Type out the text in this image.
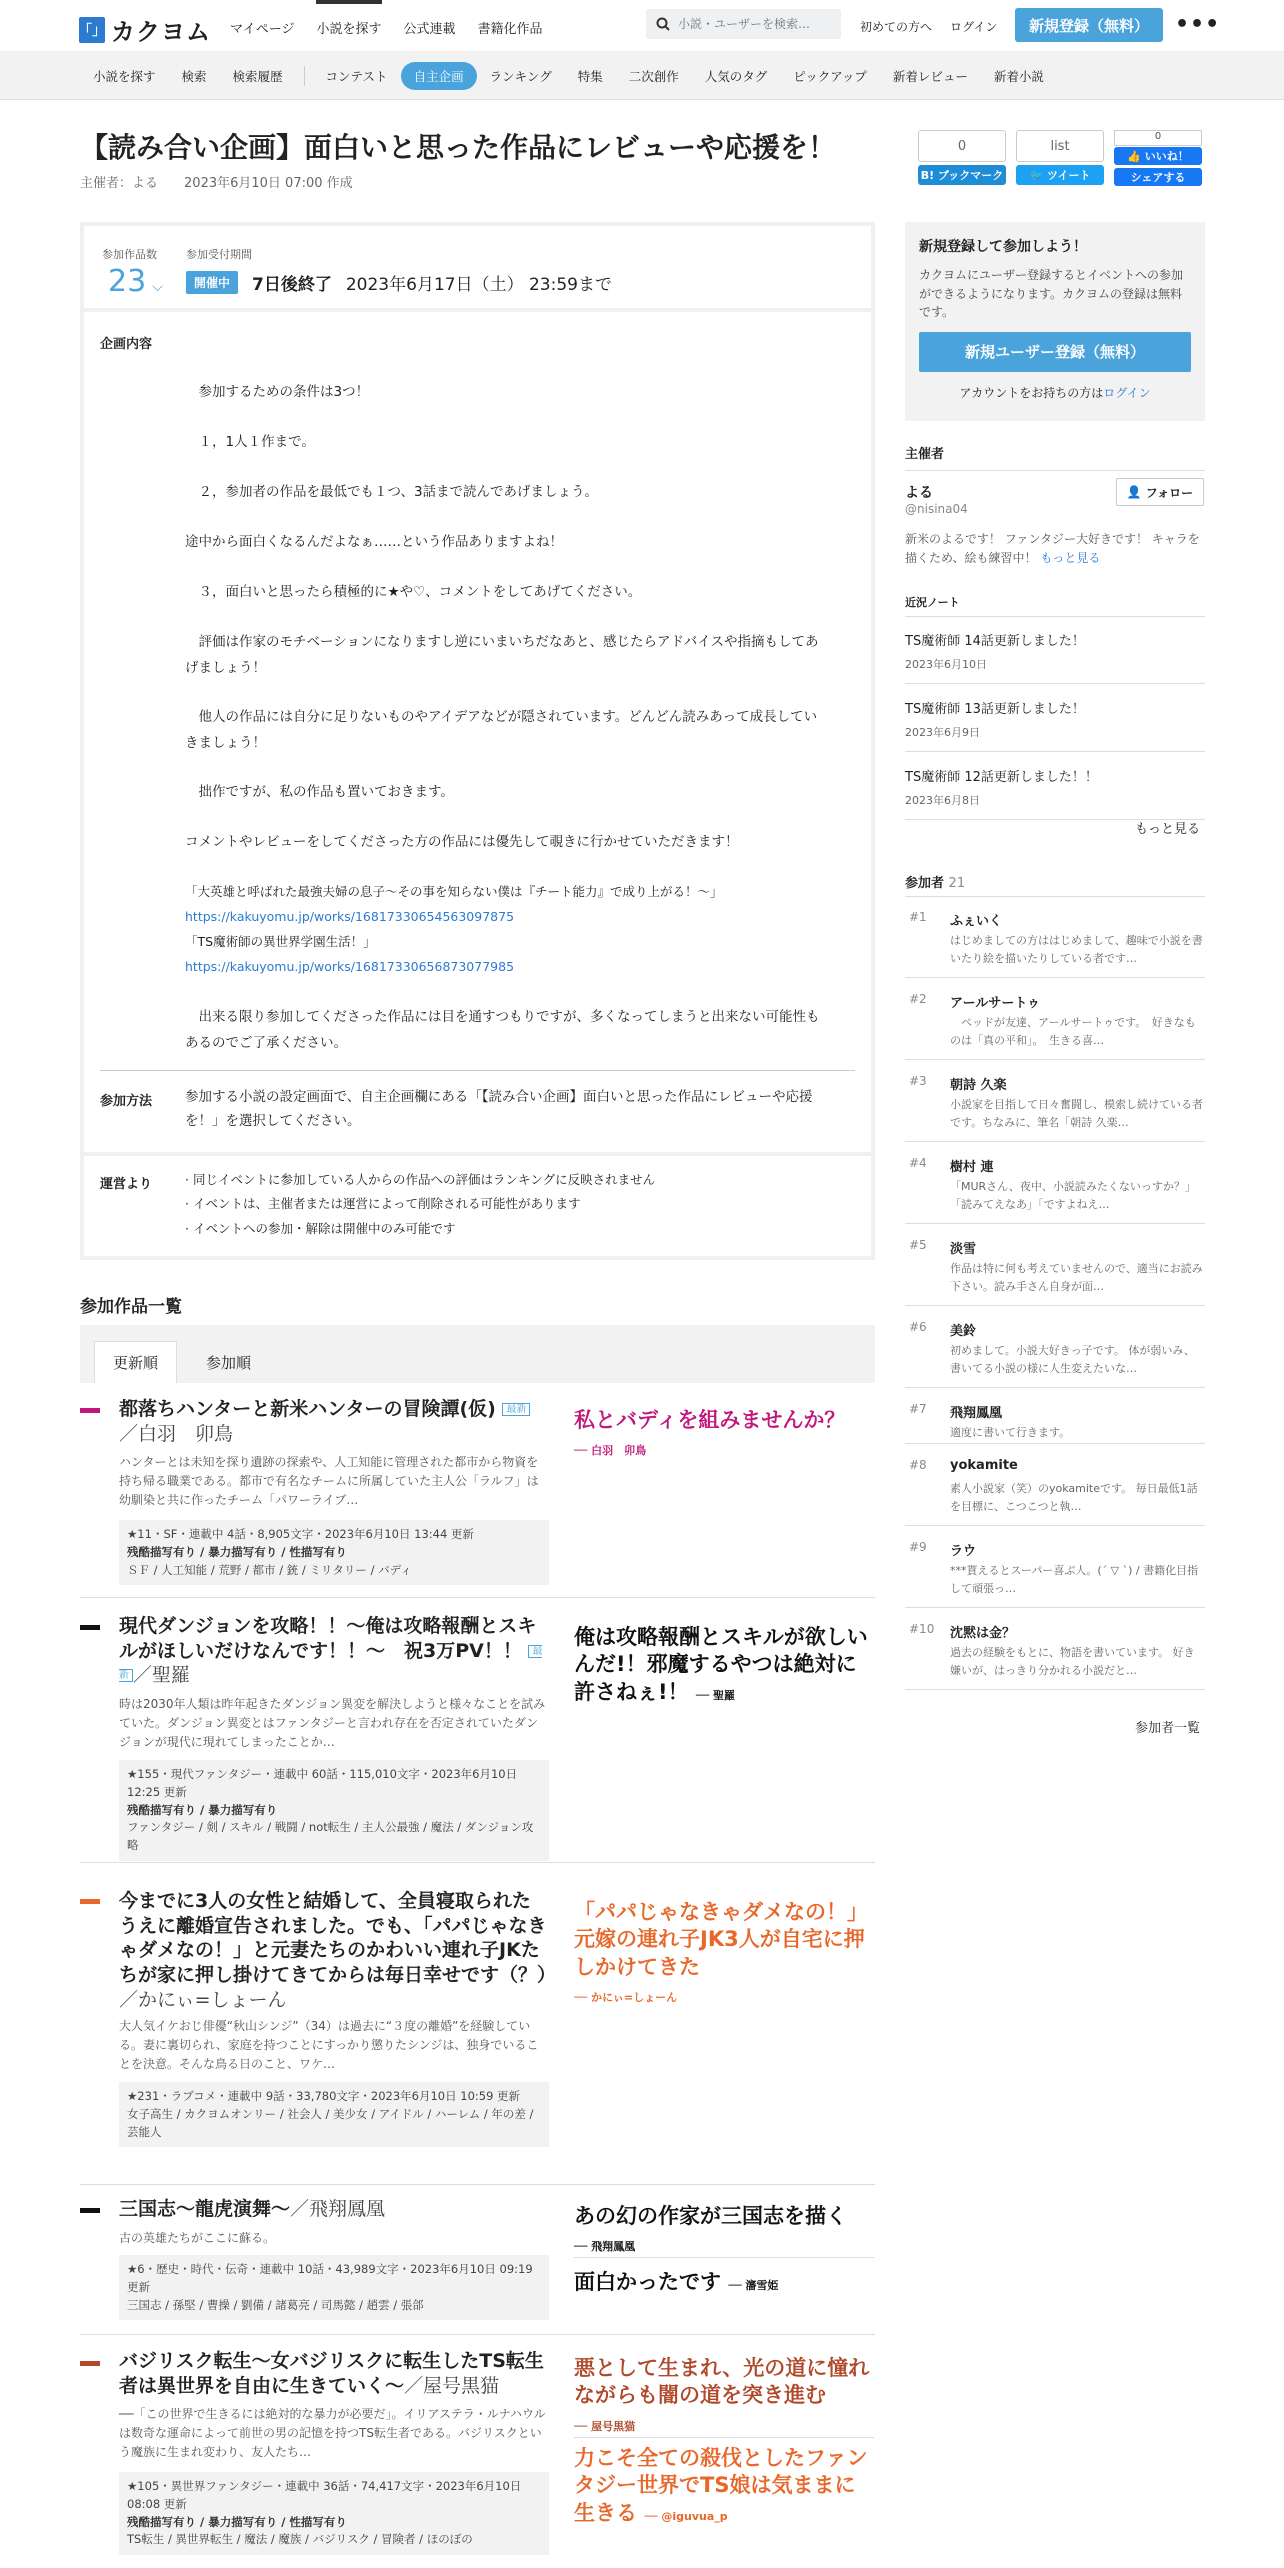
「」 カクヨム マイページ 小説を探す 公式連載 書籍化作品
小説・ユーザーを検索…	初めての方へ ログイン	新規登録（無料）	•••
小説を探す	検索	検索履歴	コンテスト	自主企画	ランキング	特集	二次創作	人気のタグ	ピックアップ	新着レビュー	新着小説
【読み合い企画】面白いと思った作品にレビューや応援を！
主催者：よる　　 2023年6月10日 07:00 作成
0
B! ブックマーク
list
🐦
ツイート
0
👍
いいね！
シェアする
参加作品数
23 ⌵
参加受付期間
開催中	7日後終了 2023年6月17日（土） 23:59まで
企画内容
　参加するための条件は3つ！
　１，1人１作まで。
　２，参加者の作品を最低でも１つ、3話まで読んであげましょう。
途中から面白くなるんだよなぁ……という作品ありますよね！
　３，面白いと思ったら積極的に★や♡、コメントをしてあげてください。
　評価は作家のモチベーションになりますし逆にいまいちだなあと、感じたらアドバイスや指摘もしてあげましょう！
　他人の作品には自分に足りないものやアイデアなどが隠されています。どんどん読みあって成長していきましょう！
　拙作ですが、私の作品も置いておきます。
コメントやレビューをしてくださった方の作品には優先して覗きに行かせていただきます！
「大英雄と呼ばれた最強夫婦の息子～その事を知らない僕は『チート能力』で成り上がる！～」
https://kakuyomu.jp/works/16817330654563097875
「TS魔術師の異世界学園生活！」
https://kakuyomu.jp/works/16817330656873077985
　出来る限り参加してくださった作品には目を通すつもりですが、多くなってしまうと出来ない可能性もあるのでご了承ください。
参加方法 参加する小説の設定画面で、自主企画欄にある「【読み合い企画】面白いと思った作品にレビューや応援を！」を選択してください。
運営より	· 同じイベントに参加している人からの作品への評価はランキングに反映されません
· イベントは、主催者または運営によって削除される可能性があります
· イベントへの参加・解除は開催中のみ可能です
参加作品一覧
更新順	参加順
都落ちハンターと新米ハンターの冒険譚(仮) 最新
／白羽　卯鳥
ハンターとは未知を探り遺跡の探索や、人工知能に管理された都市から物資を持ち帰る職業である。都市で有名なチームに所属していた主人公「ラルフ」は幼馴染と共に作ったチーム「パワーライブ…
★11・SF・連載中 4話・8,905文字・2023年6月10日 13:44 更新
残酷描写有り / 暴力描写有り / 性描写有り
ＳＦ / 人工知能 / 荒野 / 都市 / 銃 / ミリタリー / バディ
私とバディを組みませんか？
── 白羽　卯鳥
現代ダンジョンを攻略！！〜俺は攻略報酬とスキルがほしいだけなんです！！〜　祝3万PV！！ 最新 ／聖羅
時は2030年人類は昨年起きたダンジョン異変を解決しようと様々なことを試みていた。ダンジョン異変とはファンタジーと言われ存在を否定されていたダンジョンが現代に現れてしまったことか…
★155・現代ファンタジー・連載中 60話・115,010文字・2023年6月10日 12:25 更新
残酷描写有り / 暴力描写有り
ファンタジー / 剣 / スキル / 戦闘 / not転生 / 主人公最強 / 魔法 / ダンジョン攻略
俺は攻略報酬とスキルが欲しいんだ!！邪魔するやつは絶対に許さねぇ!！ ── 聖羅
今までに3人の女性と結婚して、全員寝取られたうえに離婚宣告されました。でも、「パパじゃなきゃダメなの！」と元妻たちのかわいい連れ子JKたちが家に押し掛けてきてからは毎日幸せです（？）／かにぃ=しょーん
大人気イケおじ俳優“秋山シンジ”（34）は過去に“３度の離婚”を経験している。妻に裏切られ、家庭を持つことにすっかり懲りたシンジは、独身でいることを決意。そんな鳥る日のこと、ワケ…
★231・ラブコメ・連載中 9話・33,780文字・2023年6月10日 10:59 更新
女子高生 / カクヨムオンリー / 社会人 / 美少女 / アイドル / ハーレム / 年の差 / 芸能人
「パパじゃなきゃダメなの！」元嫁の連れ子JK3人が自宅に押しかけてきた
── かにぃ=しょーん
三国志～龍虎演舞～／飛翔鳳凰
古の英雄たちがここに蘇る。
★6・歴史・時代・伝奇・連載中 10話・43,989文字・2023年6月10日 09:19 更新
三国志 / 孫堅 / 曹操 / 劉備 / 諸葛亮 / 司馬懿 / 趙雲 / 張郃
あの幻の作家が三国志を描く
── 飛翔鳳凰
面白かったです ── 瀋雪姫
バジリスク転生〜女バジリスクに転生したTS転生者は異世界を自由に生きていく〜／屋号黒猫
──「この世界で生きるには絶対的な暴力が必要だ」。イリアステラ・ルナハウルは数奇な運命によって前世の男の記憶を持つTS転生者である。バジリスクという魔族に生まれ変わり、友人たち…
★105・異世界ファンタジー・連載中 36話・74,417文字・2023年6月10日 08:08 更新
残酷描写有り / 暴力描写有り / 性描写有り
TS転生 / 異世界転生 / 魔法 / 魔族 / バジリスク / 冒険者 / ほのぼの
悪として生まれ、光の道に憧れながらも闇の道を突き進む
── 屋号黒猫
力こそ全ての殺伐としたファンタジー世界でTS娘は気ままに生きる ── @iguvua_p
新規登録して参加しよう！
カクヨムにユーザー登録するとイベントへの参加ができるようになります。カクヨムの登録は無料です。
新規ユーザー登録（無料）
アカウントをお持ちの方はログイン
主催者
よる
@nisina04
👤 フォロー
新米のよるです！ ファンタジー大好きです！ キャラを描くため、絵も練習中！ もっと見る
近況ノート
TS魔術師 14話更新しました！
2023年6月10日
TS魔術師 13話更新しました！
2023年6月9日
TS魔術師 12話更新しました！！
2023年6月8日
もっと見る
参加者 21
#1 ふぇいく
はじめましての方ははじめまして、趣味で小説を書いたり絵を描いたりしている者です…
#2 アールサートゥ
　ペッドが友達、アールサートゥです。　好きなものは「真の平和」。　生きる喜…
#3 朝詩 久楽
小説家を目指して日々奮闘し、模索し続けている者です。ちなみに、筆名「朝詩 久楽…
#4 樹村 連
「MURさん、夜中、小説読みたくないっすか？」「読みてえなあ」「ですよねえ…
#5 淡雪
作品は特に何も考えていませんので、適当にお読み下さい。読み手さん自身が面…
#6 美鈴
初めまして。小説大好きっ子です。 体が弱いみ、書いてる小説の様に人生変えたいな…
#7 飛翔鳳凰
適度に書いて行きます。
#8 yokamite
素人小説家（笑）のyokamiteです。 毎日最低1話を目標に、こつこつと執…
#9 ラウ
***貰えるとスーパー喜ぶ人。(´ ▽ `) / 書籍化目指して頑張っ…
#10 沈黙は金？
過去の経験をもとに、物語を書いています。 好き嫌いが、はっきり分かれる小説だと…
参加者一覧
